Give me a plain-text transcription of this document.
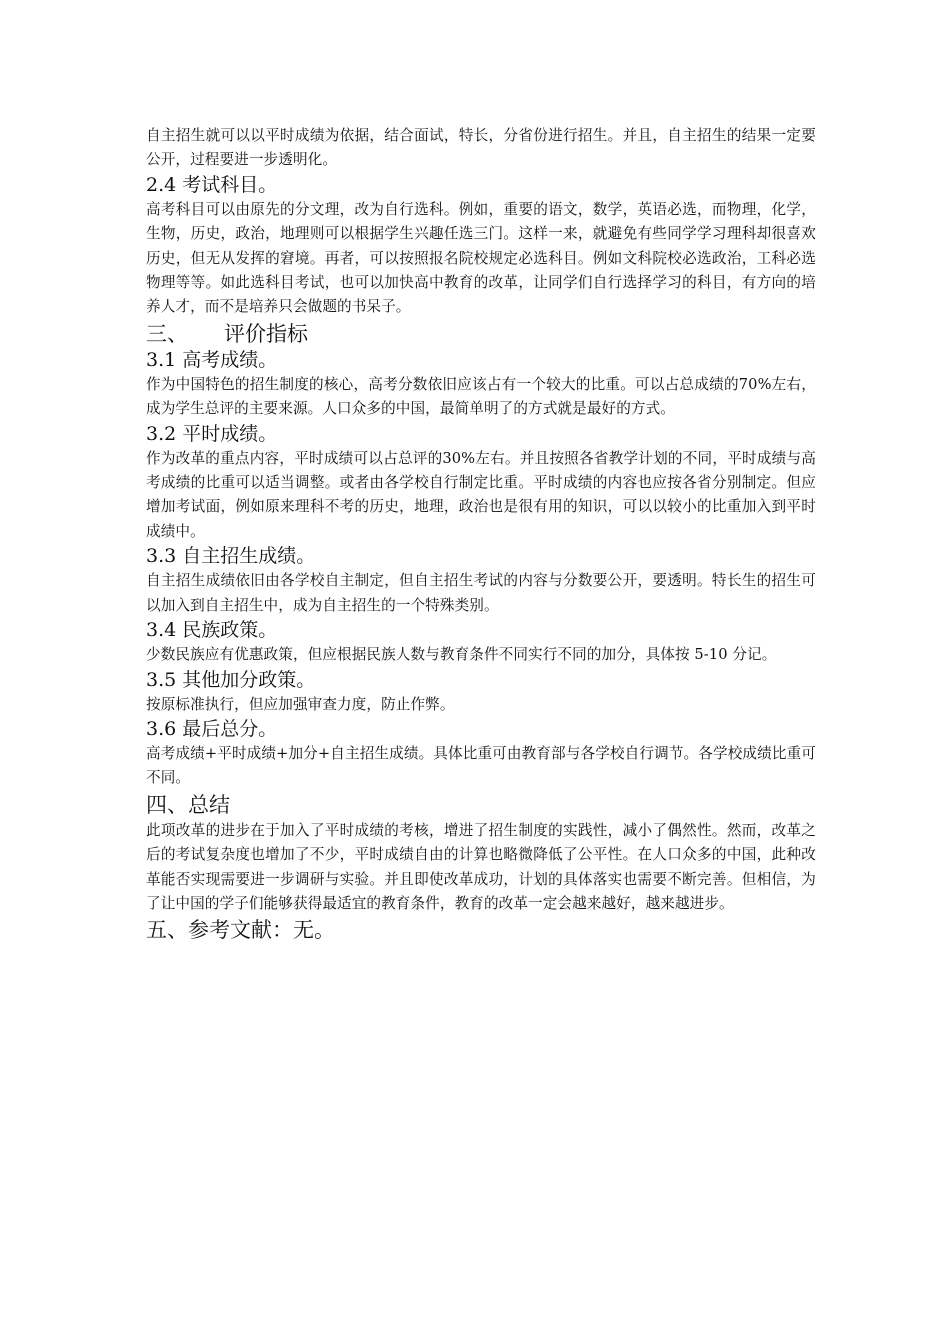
自主招生就可以以平时成绩为依据，结合面试，特长，分省份进行招生。并且，自主招生的结果一定要公开，过程要进一步透明化。

2.4 考试科目。

高考科目可以由原先的分文理，改为自行选科。例如，重要的语文，数学，英语必选，而物理，化学，生物，历史，政治，地理则可以根据学生兴趣任选三门。这样一来，就避免有些同学学习理科却很喜欢历史，但无从发挥的窘境。再者，可以按照报名院校规定必选科目。例如文科院校必选政治，工科必选物理等等。如此选科目考试，也可以加快高中教育的改革，让同学们自行选择学习的科目，有方向的培养人才，而不是培养只会做题的书呆子。

三、 评价指标
3.1 高考成绩。

作为中国特色的招生制度的核心，高考分数依旧应该占有一个较大的比重。可以占总成绩的70%左右，成为学生总评的主要来源。人口众多的中国，最简单明了的方式就是最好的方式。

3.2 平时成绩。

作为改革的重点内容，平时成绩可以占总评的30%左右。并且按照各省教学计划的不同，平时成绩与高考成绩的比重可以适当调整。或者由各学校自行制定比重。平时成绩的内容也应按各省分别制定。但应增加考试面，例如原来理科不考的历史，地理，政治也是很有用的知识，可以以较小的比重加入到平时成绩中。

3.3 自主招生成绩。

自主招生成绩依旧由各学校自主制定，但自主招生考试的内容与分数要公开，要透明。特长生的招生可以加入到自主招生中，成为自主招生的一个特殊类别。

3.4 民族政策。

少数民族应有优惠政策，但应根据民族人数与教育条件不同实行不同的加分，具体按 5-10 分记。

3.5 其他加分政策。

按原标准执行，但应加强审查力度，防止作弊。

3.6 最后总分。

高考成绩+平时成绩+加分+自主招生成绩。具体比重可由教育部与各学校自行调节。各学校成绩比重可不同。

四、总结

此项改革的进步在于加入了平时成绩的考核，增进了招生制度的实践性，减小了偶然性。然而，改革之后的考试复杂度也增加了不少，平时成绩自由的计算也略微降低了公平性。在人口众多的中国，此种改革能否实现需要进一步调研与实验。并且即使改革成功，计划的具体落实也需要不断完善。但相信，为了让中国的学子们能够获得最适宜的教育条件，教育的改革一定会越来越好，越来越进步。

五、参考文献：无。
